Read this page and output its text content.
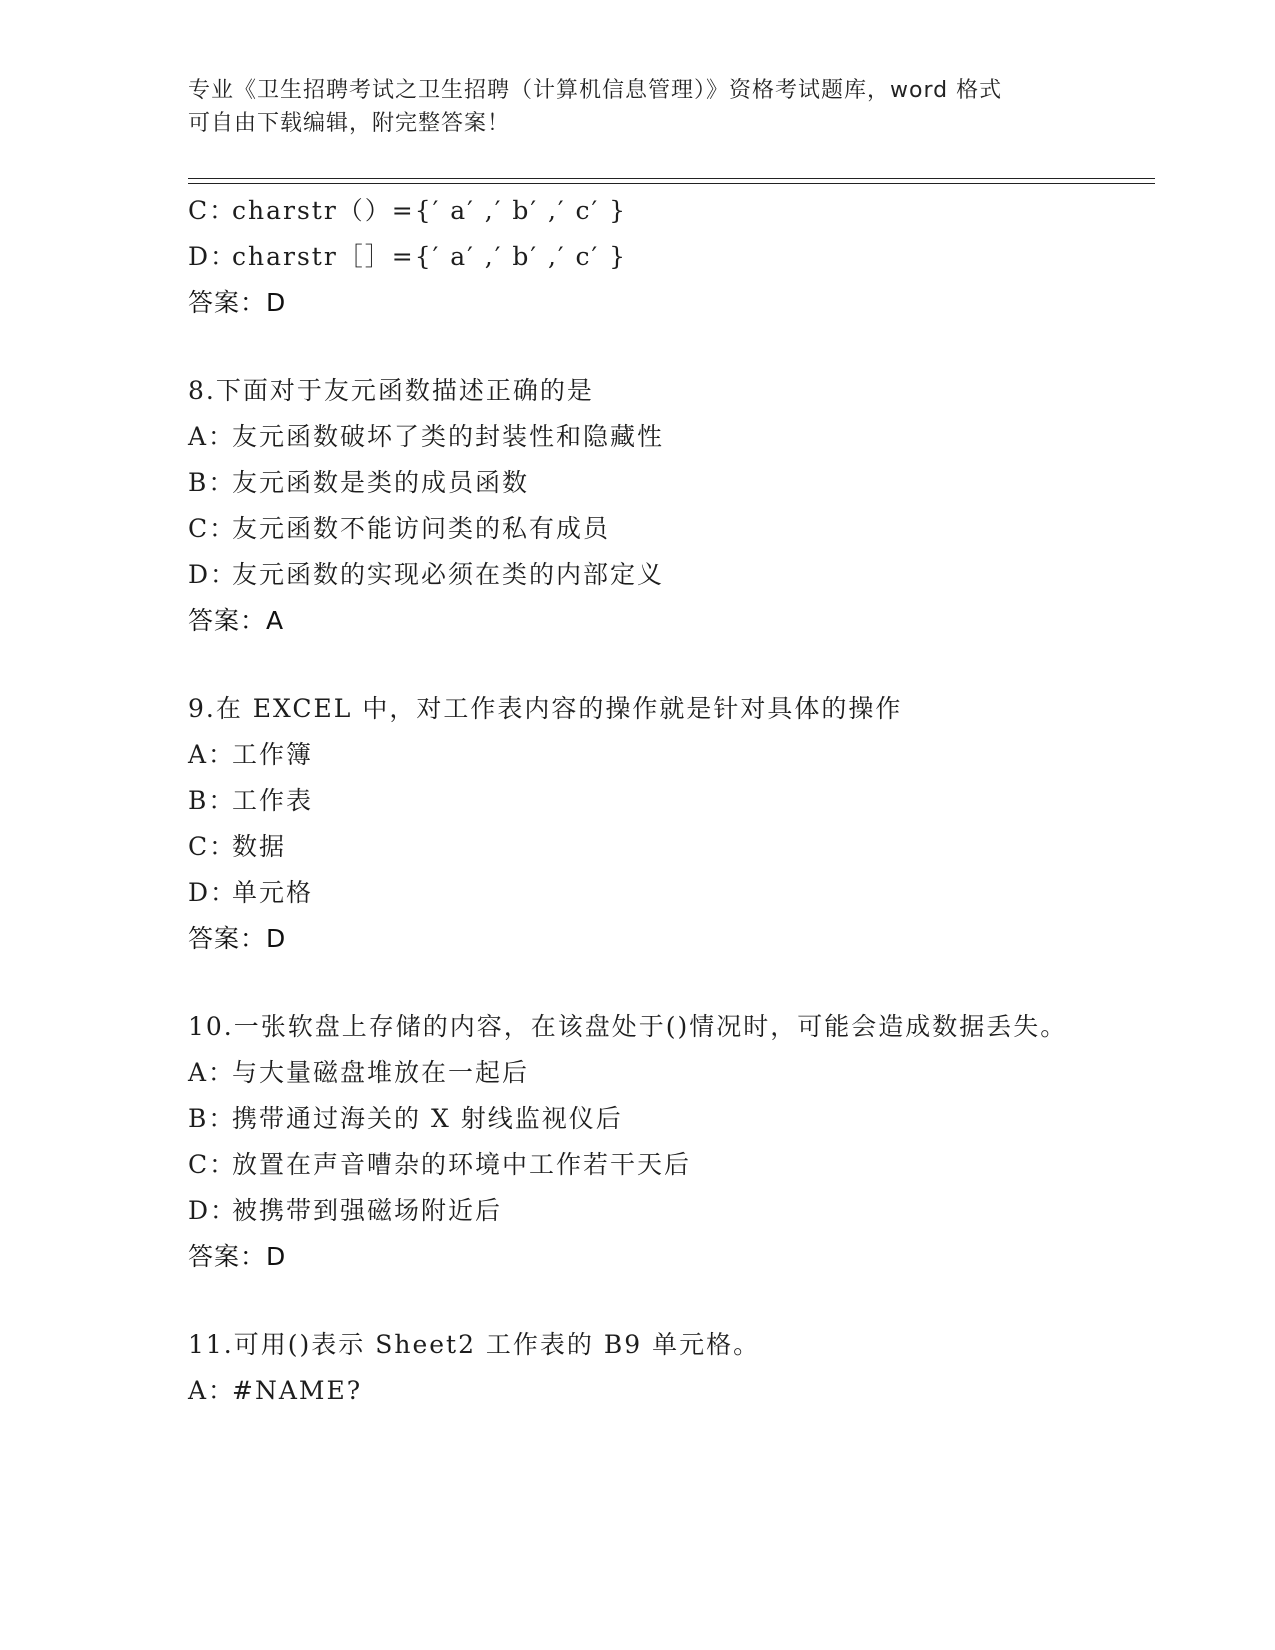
专业《卫生招聘考试之卫生招聘（计算机信息管理）》资格考试题库，word 格式
可自由下载编辑，附完整答案！
C：charstr（）={′ a′ ,′ b′ ,′ c′ }
D：charstr［］={′ a′ ,′ b′ ,′ c′ }
答案：D
8.下面对于友元函数描述正确的是
A：友元函数破坏了类的封装性和隐藏性
B：友元函数是类的成员函数
C：友元函数不能访问类的私有成员
D：友元函数的实现必须在类的内部定义
答案：A
9.在 EXCEL 中，对工作表内容的操作就是针对具体的操作
A：工作簿
B：工作表
C：数据
D：单元格
答案：D
10.一张软盘上存储的内容，在该盘处于()情况时，可能会造成数据丢失。
A：与大量磁盘堆放在一起后
B：携带通过海关的 X 射线监视仪后
C：放置在声音嘈杂的环境中工作若干天后
D：被携带到强磁场附近后
答案：D
11.可用()表示 Sheet2 工作表的 B9 单元格。
A：#NAME?
